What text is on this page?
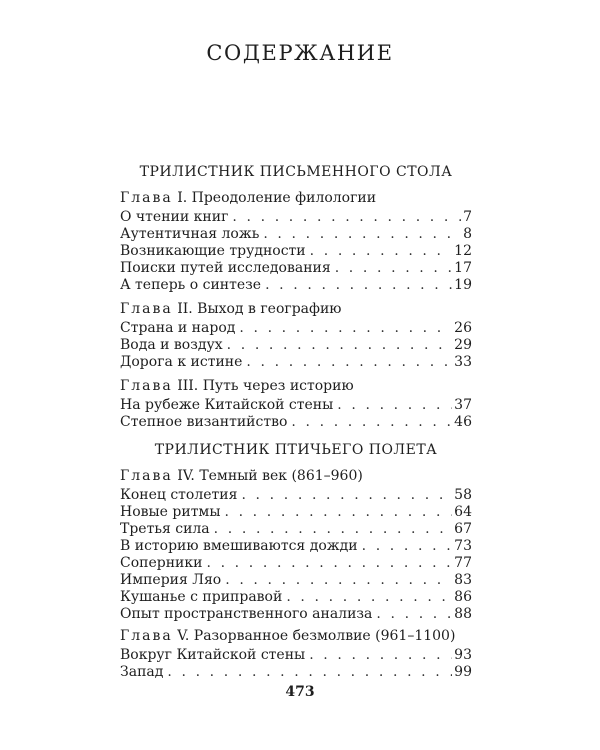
СОДЕРЖАНИЕ
ТРИЛИСТНИК ПИСЬМЕННОГО СТОЛА
Глава I. Преодоление филологии
О чтении книг . . .	7
Аутентичная ложь . . .	8
Возникающие трудности . . .	12
Поиски путей исследования . . .	17
А теперь о синтезе . . .	19
Глава II. Выход в географию
Страна и народ . . .	26
Вода и воздух . . .	29
Дорога к истине . . .	33
Глава III. Путь через историю
На рубеже Китайской стены . . .	37
Степное византийство . . .	46
ТРИЛИСТНИК ПТИЧЬЕГО ПОЛЕТА
Глава IV. Темный век (861–960)
Конец столетия . . .	58
Новые ритмы . . .	64
Третья сила . . .	67
В историю вмешиваются дожди . . .	73
Соперники . . .	77
Империя Ляо . . .	83
Кушанье с приправой . . .	86
Опыт пространственного анализа . . .	88
Глава V. Разорванное безмолвие (961–1100)
Вокруг Китайской стены . . .	93
Запад . . .	99
473
